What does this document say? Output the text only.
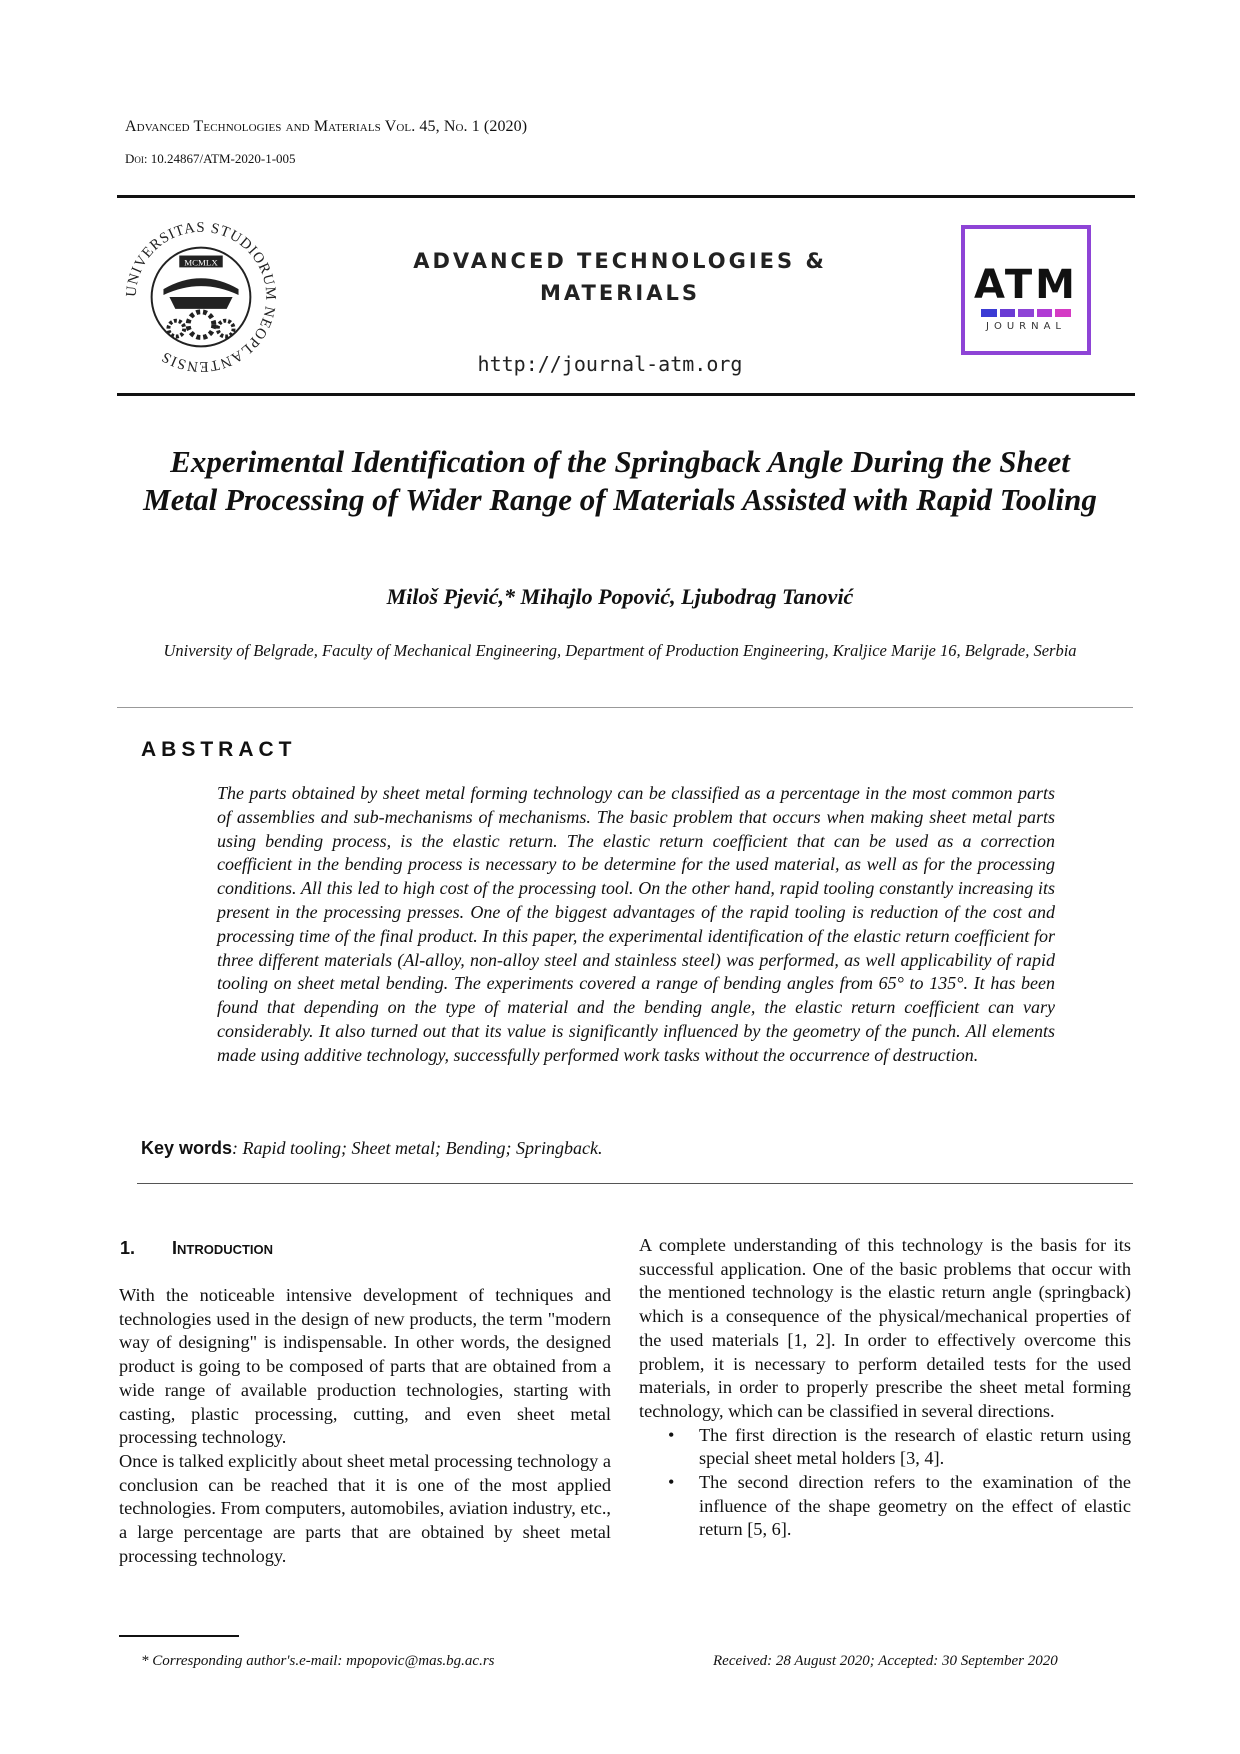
Advanced Technologies and Materials Vol. 45, No. 1 (2020)
Doi: 10.24867/ATM-2020-1-005
UNIVERSITAS STUDIORUM NEOPLANTENSIS
MCMLX	ADVANCED TECHNOLOGIES &
MATERIALS
http://journal-atm.org
ATM
JOURNAL
Experimental Identification of the Springback Angle During the Sheet Metal Processing of Wider Range of Materials Assisted with Rapid Tooling
Miloš Pjević,* Mihajlo Popović, Ljubodrag Tanović
University of Belgrade, Faculty of Mechanical Engineering, Department of Production Engineering, Kraljice Marije 16, Belgrade, Serbia
ABSTRACT
The parts obtained by sheet metal forming technology can be classified as a percentage in the most common parts of assemblies and sub-mechanisms of mechanisms. The basic problem that occurs when making sheet metal parts using bending process, is the elastic return. The elastic return coefficient that can be used as a correction coefficient in the bending process is necessary to be determine for the used material, as well as for the processing conditions. All this led to high cost of the processing tool. On the other hand, rapid tooling constantly increasing its present in the processing presses. One of the biggest advantages of the rapid tooling is reduction of the cost and processing time of the final product. In this paper, the experimental identification of the elastic return coefficient for three different materials (Al-alloy, non-alloy steel and stainless steel) was performed, as well applicability of rapid tooling on sheet metal bending. The experiments covered a range of bending angles from 65° to 135°. It has been found that depending on the type of material and the bending angle, the elastic return coefficient can vary considerably. It also turned out that its value is significantly influenced by the geometry of the punch. All elements made using additive technology, successfully performed work tasks without the occurrence of destruction.
Key words: Rapid tooling; Sheet metal; Bending; Springback.
1. Introduction

With the noticeable intensive development of techniques and technologies used in the design of new products, the term "modern way of designing" is indispensable. In other words, the designed product is going to be composed of parts that are obtained from a wide range of available production technologies, starting with casting, plastic processing, cutting, and even sheet metal processing technology.

Once is talked explicitly about sheet metal processing technology a conclusion can be reached that it is one of the most applied technologies. From computers, automobiles, aviation industry, etc., a large percentage are parts that are obtained by sheet metal processing technology.

A complete understanding of this technology is the basis for its successful application. One of the basic problems that occur with the mentioned technology is the elastic return angle (springback) which is a consequence of the physical/mechanical properties of the used materials [1, 2]. In order to effectively overcome this problem, it is necessary to perform detailed tests for the used materials, in order to properly prescribe the sheet metal forming technology, which can be classified in several directions.

• The first direction is the research of elastic return using special sheet metal holders [3, 4].
• The second direction refers to the examination of the influence of the shape geometry on the effect of elastic return [5, 6].
* Corresponding author's.e-mail: mpopovic@mas.bg.ac.rs	Received: 28 August 2020; Accepted: 30 September 2020
